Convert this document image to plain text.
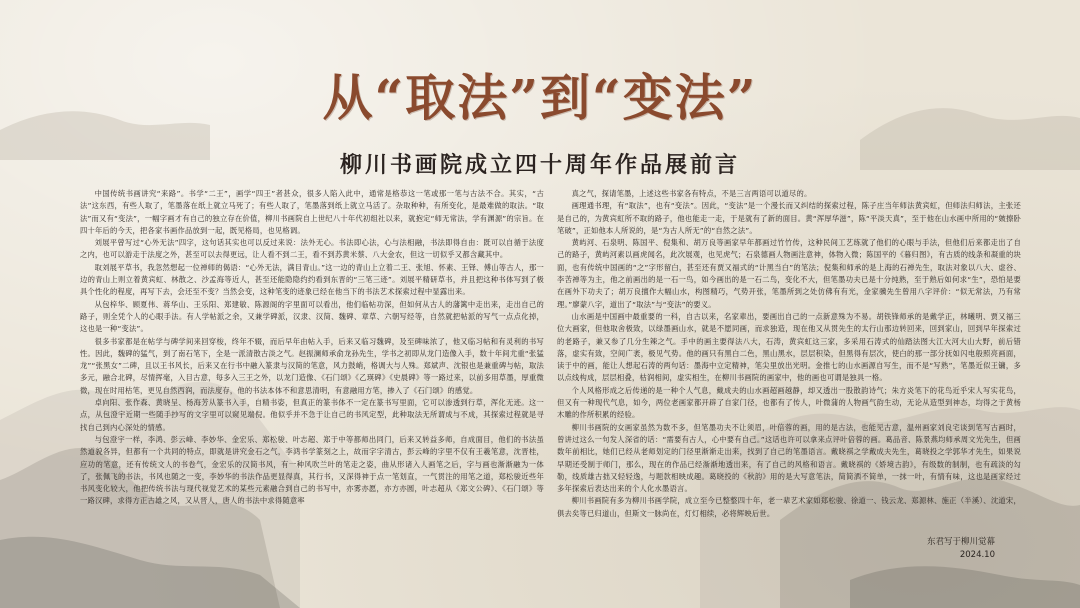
从“取法”到“变法”
柳川书画院成立四十周年作品展前言

中国传统书画讲究“来路”。书学“二王”，画学“四王”者甚众，很多人陷入此中，通常是格恭这一笔或那一笔与古法不合。其实，“古法”这东西，有些人取了，笔墨落在纸上就立马死了；有些人取了，笔墨落到纸上就立马活了。杂取种种，有所变化，是最难做的取法。“取法”而又有“变法”，一幅字画才有自己的独立存在价值，柳川书画院自上世纪八十年代初组社以来，就抱定“师无常法，学有渊源”的宗旨。在四十年后的今天，把各家书画作品放到一起，既见格局，也见格调。

刘展平曾写过“心外无法”四字，这句话其实也可以反过来说：法外无心。书法即心法，心与法相融，书法即得自由：既可以自循于法度之内，也可以游走于法度之外，甚至可以去得更远，让人看不到二王，看不到苏黄米蔡、八大金农，但这一切似乎又都含藏其中。

取刘展平草书，我忽然想起一位禅师的偈语：“心外无法，满目青山。”这一边的青山上立着二王、张旭、怀素、王铎、傅山等古人，那一边的青山上则立着黄宾虹、林散之、沙孟海等近人，甚至还能隐隐约约看到东晋的“三笔三迹”。刘展平精研草书，并且把这种书体写到了极具个性化的程度，再写下去，会还至不变？当然会变，这种笔变的迹象已经在他当下的书法艺术探索过程中显露出来。

从包梓华、顾夏伟、蒋华山、王乐阳、郑建敏、陈源阁的字里面可以看出，他们临帖功深，但如何从古人的藩篱中走出来，走出自己的路子，则全凭个人的心眼手法。有人学帖派之余，又兼学碑派，汉隶、汉简、魏碑、章草、六朝写经等，自然就把帖派的写气一点点化掉，这也是一种“变法”。

很多书家都是在帖学与碑学间来回穿梭，终年不辍，而后早年由帖入手，后来又临习魏碑，及至碑味浓了，他又临习帖和有灵利的书写性。因此，魏碑的猛气，到了南石笔下，全是一派清散古淡之气。赵振澜师承俞龙孙先生，学书之初即从龙门造像入手，数十年间尤重“张猛龙”“张黑女”二碑，且以王书风长，后来又在行书中融入篆隶与汉简的笔意，风力鼓峭，格调大与人殊。郑斌声、沈银也是兼重碑与帖，取法多元，融合北碑，尽情挥毫，入目古意，每多入三王之外，以龙门造像、《石门颂》《乙瑛碑》《史晨碑》等一路过来，以前多用草墨，厚重微微，现在时用枯笔，更见自然西润，而法度存，他的书法本体不和意思清明，有意融用方笔，掺入了《石门颂》的感觉。

卓向阳、张作森、黄晓呈、杨海芳从篆书入手，自精书姿，但真正的篆书体不一定在篆书写里面，它可以渗透到行草，浑化无迹。这一点，从包澄宇近期一些随手抄写的文字里可以窥见端倪。他似乎并不急于让自己的书风定型，此种取法无所谓成与不成，其探索过程就是寻找自己到内心深处的情感。

与包澄宇一样，李鸿、彭云峰、李妙华、金宏乐、郑松骏、叶志超、郑于中等都师出同门，后来又转益多师，自成面目，他们的书法虽然道貌各异，但都有一个共同的特点，即就是讲究金石之气，李鸿书学篆刻之上，故而字字清古，彭云峰的字里不仅有王羲笔意，沈晋桂，应功的笔意，还有传统文人的书卷气，金宏乐的汉简书风，有一种风吹兰叶的笔走之姿，曲从形诸入人画笔之后，字与画也渐渐融为一体了，张佩飞的书法，书风也随之一变，李妙华的书法作品更显得真，其行书，又深得神于点一笔划直，一气贯注的用笔之道，郑松骏近些年书风变化较大，他把传统书法与现代视觉艺术的某些元素融合到自己的书写中，亦雾亦愿，亦方亦圆，叶志超从《郑文公碑》、《石门颂》等一路汉碑，求得方正古雄之风，又从晋人，唐人的书法中求得随意率

真之气，探请笔墨，上述这些书家各有特点，不是三言两语可以道尽的。

画理通书理，有“取法”，也有“变法”。因此，“变法”是一个漫长而又纠结的探索过程，陈子庄当年师法黄宾虹，但师法归师法，主张还是自己的，为黄宾虹所不取的路子，他也能走一走，于是就有了新的面目。黄“浑厚华滋”，陈“平淡天真”，至于他在山水画中所用的“皴擦卧笔破”，正如他本人所说的，是“为古人所无”的“自然之法”。

黄屿河、石泉明、陈国平、倪集和、胡万良等画家早年都画过竹竹传，这种民间工艺练就了他们的心眼与手法，但他们后来都走出了自己的路子，黄屿河素以画虎闻名，此次展观，也见虎气；石泉德画人物画注意神，体物入微；陈国平的《暮归图》，有古质的线条和凝重的块面，也有传统中国画的“之”字形留白，甚至还有贾又福式的“计黑当白”的笔法；倪集和师承的是上海的石禅先生，取法对象以八大、虚谷、李苦禅等为主，他之前画出的是一石一鸟，如今画出的是一石二鸟，变化不大，但笔墨功夫已是十分纯熟，至于熟后如何求“生”，恐怕是要在画外下功夫了；胡万良擅作大幅山水，构图精巧，气势开张，笔墨所到之处仿佛有有光，金家骥先生曾用八字评价：“似无常法，乃有常理。”廖蒙八字，道出了“取法”与“变法”的要义。

山水画是中国画中最重要的一科，自古以来，名家辈出，要画出自己的一点新意殊为不易。胡铁锋师承的是戴学正，林曦明、贾又福三位大画家，但他取舍极致，以绿墨画山水，就是不愿同画，而求独造，现在他又从贯先生的太行山那边转回来，回到家山，回到早年探索过的老路子，兼又参了几分生辣之气。手中的画主要得法八大，石涛，黄宾虹这三家，多采用石涛式的仙踏法图大江大河大山大野，前后错落，虚实有致，空间广袤，极见气势。他的画只有黑白二色，黑山黑水，层层积染，但黑得有层次，使白的那一部分抚如闪电般照亮画面，读于中的画，能让人想起石涛的两句话：墨海中立定精神，笔尖里放出光明。金推七的山水画源自写生，而不是“写熟”，笔墨近似王镛，多以点线构成，层层相叠，枯润相间，虚实相生，在柳川书画院的画家中，他的画也可谓是独具一格。

个人风格形成之后传递的是一种个人气息，戴成夫的山水画超画越静，却又透出一股散韵诗气；朱方炎笔下的花鸟近乎宋人写实花鸟，但又有一种现代气息，如今，两位老画家都开辟了自家门径，也都有了传人，叶微蒲的人物画气韵生动，无论从造型到神态，均得之于黄杨木雕的作所积累的经验。

柳川书画院的女画家虽然为数不多，但笔墨功夫不让须眉，叶倍蓉的画，用的是古法，也能见古意，温州画家刘良宅谈到笔写古画时，曾讲过这么一句发人深省的话：“需要有古人，心中要有自己。”这话也许可以拿来点评叶倍蓉的画。葛品音、陈景燕均师承周文光先生，但画数年前相比，她们已经从老师划定的门径里渐渐走出来，找到了自己的笔墨语言。戴晓祺之学戴成夫先生，葛晓投之学郭华才先生，如果说早期还受制于师门，那么，现在的作品已经渐渐地透出来，有了自己的风格和语言。戴晓祺的《娇境古韵》，有级数的制制，也有疏淡的勾勒，线质雄古拙又轻轻逸，与题款相映成趣。葛晓投的《秋韵》用的是大写意笔法，简简洒不简单，一抹一叶，有情有味，这也是画家经过多年探索后表达出来的个人化水墨语言。

柳川书画院有多为柳川书画学院，成立至今已整整四十年，老一辈艺术家如郑松骏、徐道一、钱云龙、郑源林、施正（半溪）、沈道宋，俱去矣等已归道山，但斯文一脉尚在，灯灯相续，必将辉映后世。

东君写于柳川觉幕
2024.10
